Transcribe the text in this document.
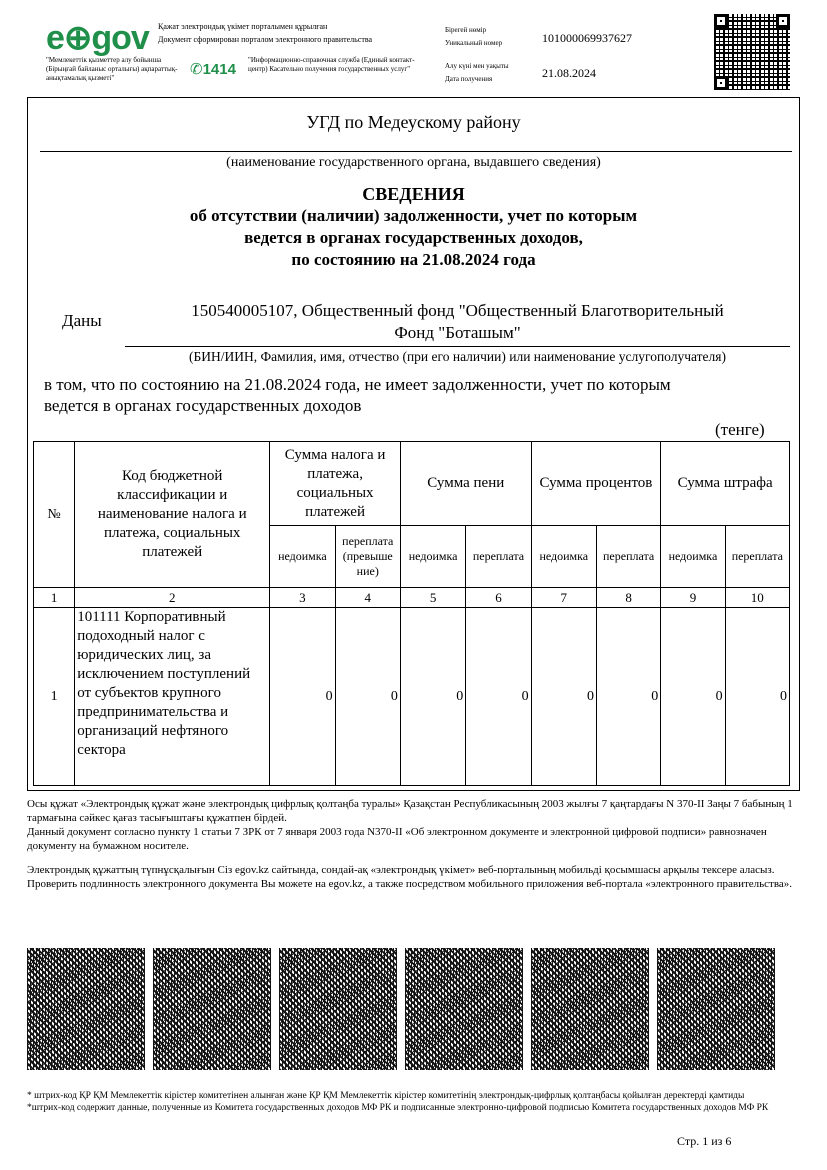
e⊕gov Қажат электрондық үкімет порталымен құрылған
Документ сформирован порталом электронного правительства
"Мемлекеттік қызметтер алу бойынша (Бірыңғай байланыс орталығы) ақпараттық-анықтамалық қызметі"	✆1414
"Информационно-справочная служба (Единый контакт-центр) Касательно получения государственных услуг"
Бірегей нөмір
Уникальный номер	101000069937627
Алу күні мен уақыты
Дата получения	21.08.2024
УГД по Медеускому району
(наименование государственного органа, выдавшего сведения)
СВЕДЕНИЯ
об отсутствии (наличии) задолженности, учет по которым
ведется в органах государственных доходов,
по состоянию на 21.08.2024 года
Даны
150540005107, Общественный фонд "Общественный Благотворительный
Фонд "Боташым"
(БИН/ИИН, Фамилия, имя, отчество (при его наличии) или наименование услугополучателя)
в том, что по состоянию на 21.08.2024 года, не имеет задолженности, учет по которым
ведется в органах государственных доходов
(тенге)
№	Код бюджетной классификации и наименование налога и платежа, социальных платежей	Сумма налога и платежа, социальных платежей		Сумма пени		Сумма процентов		Сумма штрафа	
		недоимка	переплата (превыше ние)	недоимка	переплата	недоимка	переплата	недоимка	переплата
1	2	3	4	5	6	7	8	9	10
1	101111 Корпоративный подоходный налог с юридических лиц, за исключением поступлений от субъектов крупного предпринимательства и организаций нефтяного сектора	0	0	0	0	0	0	0	0
Осы құжат «Электрондық құжат және электрондық цифрлық қолтаңба туралы» Қазақстан Республикасының 2003 жылғы 7 қаңтардағы N 370-II Заңы 7 бабының 1 тармағына сәйкес қағаз тасығыштағы құжатпен бірдей.
Данный документ согласно пункту 1 статьи 7 ЗРК от 7 января 2003 года N370-II «Об электронном документе и электронной цифровой подписи» равнозначен документу на бумажном носителе.
Электрондық құжаттың түпнұсқалығын Сіз egov.kz сайтында, сондай-ақ «электрондық үкімет» веб-порталының мобильді қосымшасы арқылы тексере аласыз.
Проверить подлинность электронного документа Вы можете на egov.kz, а также посредством мобильного приложения веб-портала «электронного правительства».
* штрих-код ҚР ҚМ Мемлекеттік кірістер комитетінен алынған және ҚР ҚМ Мемлекеттік кірістер комитетінің электрондық-цифрлық қолтаңбасы қойылған деректерді қамтиды
*штрих-код содержит данные, полученные из Комитета государственных доходов МФ РК и подписанные электронно-цифровой подписью Комитета государственных доходов МФ РК
Стр. 1 из 6
